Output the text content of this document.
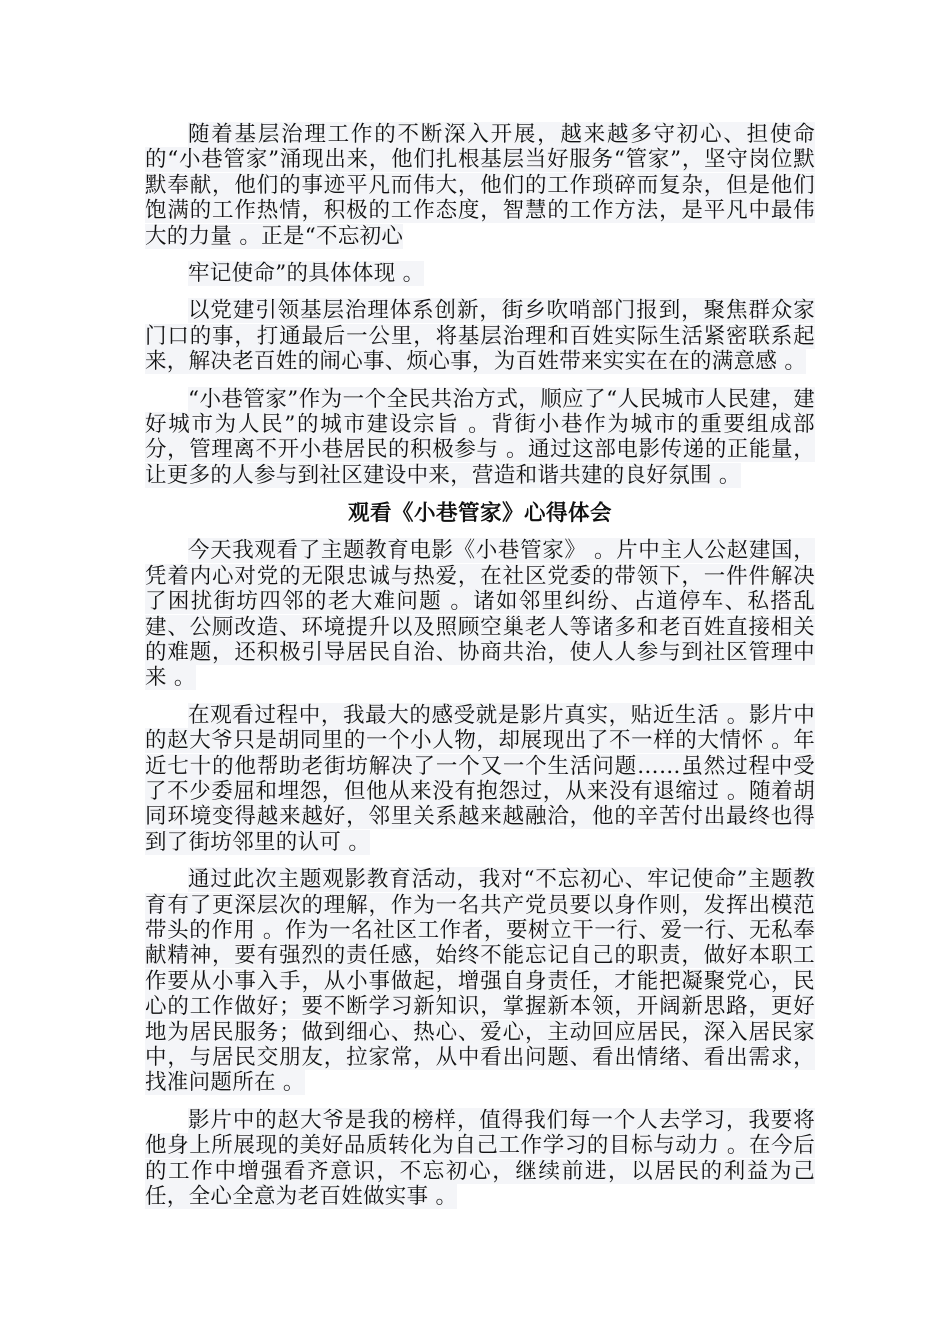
随着基层治理工作的不断深入开展，越来越多守初心、担使命的“小巷管家”涌现出来，他们扎根基层当好服务“管家”，坚守岗位默默奉献，他们的事迹平凡而伟大，他们的工作琐碎而复杂，但是他们饱满的工作热情，积极的工作态度，智慧的工作方法，是平凡中最伟大的力量 。正是“不忘初心

牢记使命”的具体体现 。

以党建引领基层治理体系创新，街乡吹哨部门报到，聚焦群众家门口的事，打通最后一公里，将基层治理和百姓实际生活紧密联系起来，解决老百姓的闹心事、烦心事，为百姓带来实实在在的满意感 。

“小巷管家”作为一个全民共治方式，顺应了“人民城市人民建，建好城市为人民”的城市建设宗旨 。背街小巷作为城市的重要组成部分，管理离不开小巷居民的积极参与 。通过这部电影传递的正能量，让更多的人参与到社区建设中来，营造和谐共建的良好氛围 。

观看《小巷管家》心得体会

今天我观看了主题教育电影《小巷管家》 。片中主人公赵建国，凭着内心对党的无限忠诚与热爱，在社区党委的带领下，一件件解决了困扰街坊四邻的老大难问题 。诸如邻里纠纷、占道停车、私搭乱建、公厕改造、环境提升以及照顾空巢老人等诸多和老百姓直接相关的难题，还积极引导居民自治、协商共治，使人人参与到社区管理中来 。

在观看过程中，我最大的感受就是影片真实，贴近生活 。影片中的赵大爷只是胡同里的一个小人物，却展现出了不一样的大情怀 。年近七十的他帮助老街坊解决了一个又一个生活问题……虽然过程中受了不少委屈和埋怨，但他从来没有抱怨过，从来没有退缩过 。随着胡同环境变得越来越好，邻里关系越来越融洽，他的辛苦付出最终也得到了街坊邻里的认可 。

通过此次主题观影教育活动，我对“不忘初心、牢记使命”主题教育有了更深层次的理解，作为一名共产党员要以身作则，发挥出模范带头的作用 。作为一名社区工作者，要树立干一行、爱一行、无私奉献精神，要有强烈的责任感，始终不能忘记自己的职责，做好本职工作要从小事入手，从小事做起，增强自身责任，才能把凝聚党心，民心的工作做好；要不断学习新知识，掌握新本领，开阔新思路，更好地为居民服务；做到细心、热心、爱心，主动回应居民，深入居民家中，与居民交朋友，拉家常，从中看出问题、看出情绪、看出需求，找准问题所在 。

影片中的赵大爷是我的榜样，值得我们每一个人去学习，我要将他身上所展现的美好品质转化为自己工作学习的目标与动力 。在今后的工作中增强看齐意识，不忘初心，继续前进，以居民的利益为己任，全心全意为老百姓做实事 。
